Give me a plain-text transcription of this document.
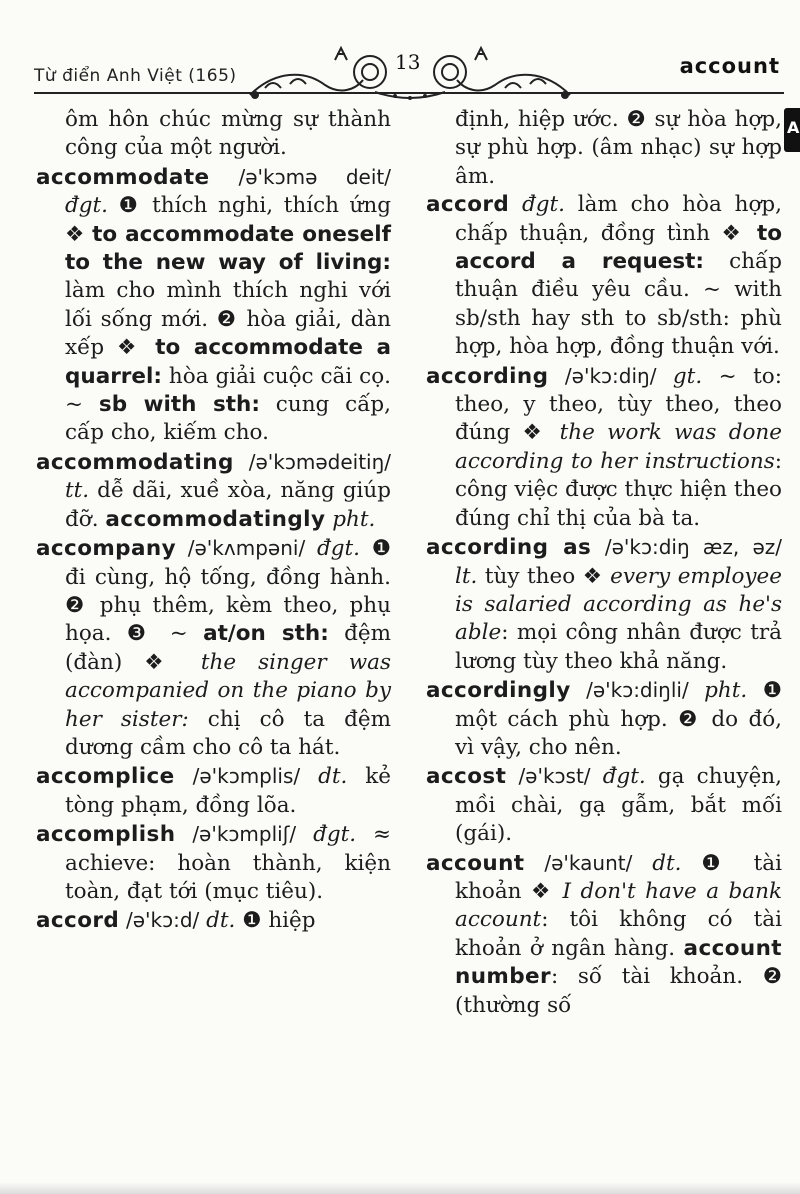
Từ điển Anh Việt (165)
13	account
A

ôm hôn chúc mừng sự thành công của một người.

accommodate /ə'kɔmə deit/ đgt. ❶ thích nghi, thích ứng ❖ to accommodate oneself to the new way of living: làm cho mình thích nghi với lối sống mới. ❷ hòa giải, dàn xếp ❖ to accommodate a quarrel: hòa giải cuộc cãi cọ. ~ sb with sth: cung cấp, cấp cho, kiếm cho.

accommodating /ə'kɔmədeitiŋ/ tt. dễ dãi, xuề xòa, năng giúp đỡ. accommodatingly pht.

accompany /ə'kʌmpəni/ đgt. ❶ đi cùng, hộ tống, đồng hành. ❷ phụ thêm, kèm theo, phụ họa. ❸ ~ at/on sth: đệm (đàn) ❖ the singer was accompanied on the piano by her sister: chị cô ta đệm dương cầm cho cô ta hát.

accomplice /ə'kɔmplis/ dt. kẻ tòng phạm, đồng lõa.

accomplish /ə'kɔmpliʃ/ đgt. ≈ achieve: hoàn thành, kiện toàn, đạt tới (mục tiêu).

accord /ə'kɔ:d/ dt. ❶ hiệp

định, hiệp ước. ❷ sự hòa hợp, sự phù hợp. (âm nhạc) sự hợp âm.

accord đgt. làm cho hòa hợp, chấp thuận, đồng tình ❖ to accord a request: chấp thuận điều yêu cầu. ~ with sb/sth hay sth to sb/sth: phù hợp, hòa hợp, đồng thuận với.

according /ə'kɔ:diŋ/ gt. ~ to: theo, y theo, tùy theo, theo đúng ❖ the work was done according to her instructions: công việc được thực hiện theo đúng chỉ thị của bà ta.

according as /ə'kɔ:diŋ æz, əz/ lt. tùy theo ❖ every employee is salaried according as he's able: mọi công nhân được trả lương tùy theo khả năng.

accordingly /ə'kɔ:diŋli/ pht. ❶ một cách phù hợp. ❷ do đó, vì vậy, cho nên.

accost /ə'kɔst/ đgt. gạ chuyện, mồi chài, gạ gẫm, bắt mối (gái).

account /ə'kaunt/ dt. ❶ tài khoản ❖ I don't have a bank account: tôi không có tài khoản ở ngân hàng. account number: số tài khoản. ❷ (thường số
